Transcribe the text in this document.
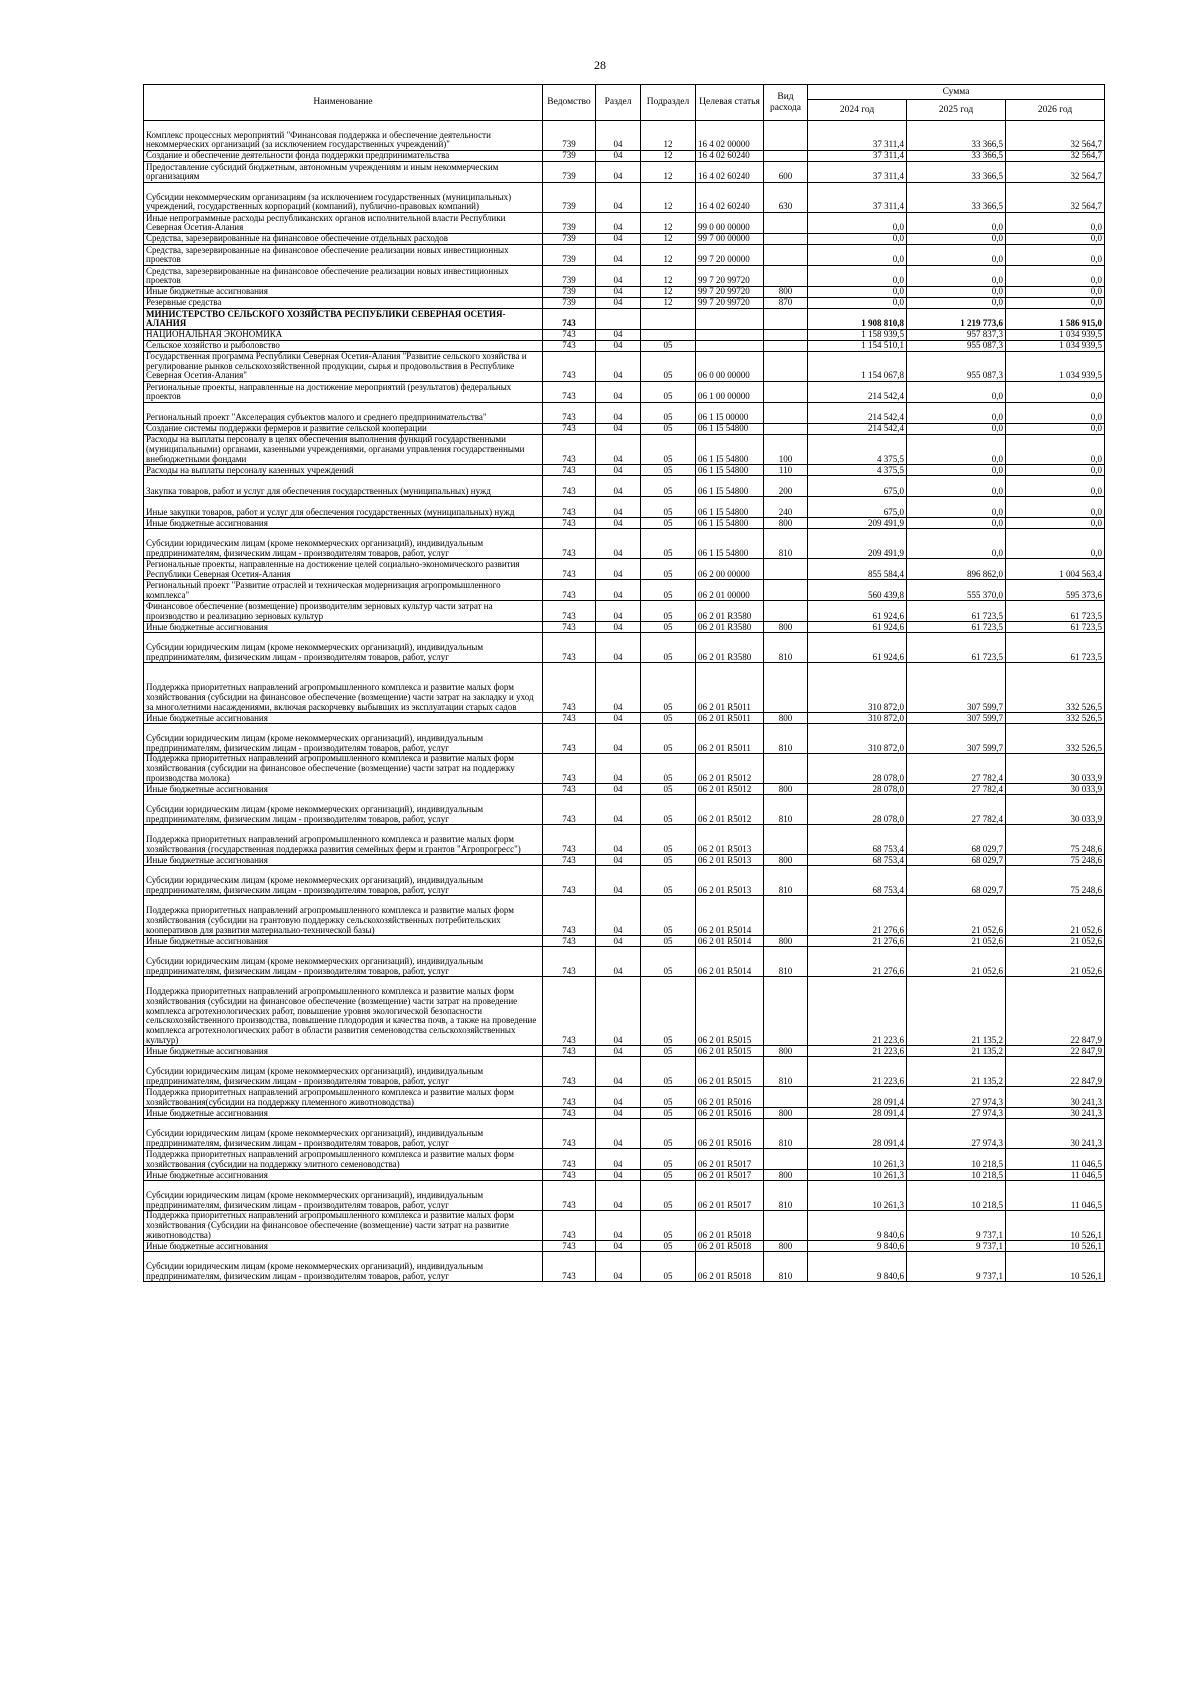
28
Наименование	Ведомство	Раздел	Подраздел	Целевая статья	Вид расхода	Сумма		
						2024 год	2025 год	2026 год
Комплекс процессных мероприятий "Финансовая поддержка и обеспечение деятельности некоммерческих организаций (за исключением государственных учреждений)"	739	04	12	16 4 02 00000		37 311,4	33 366,5	32 564,7
Создание и обеспечение деятельности фонда поддержки предпринимательства	739	04	12	16 4 02 60240		37 311,4	33 366,5	32 564,7
Предоставление субсидий бюджетным, автономным учреждениям и иным некоммерческим организациям	739	04	12	16 4 02 60240	600	37 311,4	33 366,5	32 564,7
Субсидии некоммерческим организациям (за исключением государственных (муниципальных) учреждений, государственных корпораций (компаний), публично-правовых компаний)	739	04	12	16 4 02 60240	630	37 311,4	33 366,5	32 564,7
Иные непрограммные расходы республиканских органов исполнительной власти Республики Северная Осетия-Алания	739	04	12	99 0 00 00000		0,0	0,0	0,0
Средства, зарезервированные на финансовое обеспечение отдельных расходов	739	04	12	99 7 00 00000		0,0	0,0	0,0
Средства, зарезервированные на финансовое обеспечение реализации новых инвестиционных проектов	739	04	12	99 7 20 00000		0,0	0,0	0,0
Средства, зарезервированные на финансовое обеспечение реализации новых инвестиционных проектов	739	04	12	99 7 20 99720		0,0	0,0	0,0
Иные бюджетные ассигнования	739	04	12	99 7 20 99720	800	0,0	0,0	0,0
Резервные средства	739	04	12	99 7 20 99720	870	0,0	0,0	0,0
МИНИСТЕРСТВО СЕЛЬСКОГО ХОЗЯЙСТВА РЕСПУБЛИКИ СЕВЕРНАЯ ОСЕТИЯ-АЛАНИЯ	743					1 908 810,8	1 219 773,6	1 586 915,0
НАЦИОНАЛЬНАЯ ЭКОНОМИКА	743	04				1 158 939,5	957 837,3	1 034 939,5
Сельское хозяйство и рыболовство	743	04	05			1 154 510,1	955 087,3	1 034 939,5
Государственная программа Республики Северная Осетия-Алания "Развитие сельского хозяйства и регулирование рынков сельскохозяйственной продукции, сырья и продовольствия в Республике Северная Осетия-Алания"	743	04	05	06 0 00 00000		1 154 067,8	955 087,3	1 034 939,5
Региональные проекты, направленные на достижение мероприятий (результатов) федеральных проектов	743	04	05	06 1 00 00000		214 542,4	0,0	0,0
Региональный проект "Акселерация субъектов малого и среднего предпринимательства"	743	04	05	06 1 I5 00000		214 542,4	0,0	0,0
Создание системы поддержки фермеров и развитие сельской кооперации	743	04	05	06 1 I5 54800		214 542,4	0,0	0,0
Расходы на выплаты персоналу в целях обеспечения выполнения функций государственными (муниципальными) органами, казенными учреждениями, органами управления государственными внебюджетными фондами	743	04	05	06 1 I5 54800	100	4 375,5	0,0	0,0
Расходы на выплаты персоналу казенных учреждений	743	04	05	06 1 I5 54800	110	4 375,5	0,0	0,0
Закупка товаров, работ и услуг для обеспечения государственных (муниципальных) нужд	743	04	05	06 1 I5 54800	200	675,0	0,0	0,0
Иные закупки товаров, работ и услуг для обеспечения государственных (муниципальных) нужд	743	04	05	06 1 I5 54800	240	675,0	0,0	0,0
Иные бюджетные ассигнования	743	04	05	06 1 I5 54800	800	209 491,9	0,0	0,0
Субсидии юридическим лицам (кроме некоммерческих организаций), индивидуальным предпринимателям, физическим лицам - производителям товаров, работ, услуг	743	04	05	06 1 I5 54800	810	209 491,9	0,0	0,0
Региональные проекты, направленные на достижение целей социально-экономического развития Республики Северная Осетия-Алания	743	04	05	06 2 00 00000		855 584,4	896 862,0	1 004 563,4
Региональный проект "Развитие отраслей и техническая модернизация агропромышленного комплекса"	743	04	05	06 2 01 00000		560 439,8	555 370,0	595 373,6
Финансовое обеспечение (возмещение) производителям зерновых культур части затрат на производство и реализацию зерновых культур	743	04	05	06 2 01 R3580		61 924,6	61 723,5	61 723,5
Иные бюджетные ассигнования	743	04	05	06 2 01 R3580	800	61 924,6	61 723,5	61 723,5
Субсидии юридическим лицам (кроме некоммерческих организаций), индивидуальным предпринимателям, физическим лицам - производителям товаров, работ, услуг	743	04	05	06 2 01 R3580	810	61 924,6	61 723,5	61 723,5
Поддержка приоритетных направлений агропромышленного комплекса и развитие малых форм хозяйствования (субсидии на финансовое обеспечение (возмещение) части затрат на закладку и уход за многолетними насаждениями, включая раскорчевку выбывших из эксплуатации старых садов	743	04	05	06 2 01 R5011		310 872,0	307 599,7	332 526,5
Иные бюджетные ассигнования	743	04	05	06 2 01 R5011	800	310 872,0	307 599,7	332 526,5
Субсидии юридическим лицам (кроме некоммерческих организаций), индивидуальным предпринимателям, физическим лицам - производителям товаров, работ, услуг	743	04	05	06 2 01 R5011	810	310 872,0	307 599,7	332 526,5
Поддержка приоритетных направлений агропромышленного комплекса и развитие малых форм хозяйствования (субсидии на финансовое обеспечение (возмещение) части затрат на поддержку производства молока)	743	04	05	06 2 01 R5012		28 078,0	27 782,4	30 033,9
Иные бюджетные ассигнования	743	04	05	06 2 01 R5012	800	28 078,0	27 782,4	30 033,9
Субсидии юридическим лицам (кроме некоммерческих организаций), индивидуальным предпринимателям, физическим лицам - производителям товаров, работ, услуг	743	04	05	06 2 01 R5012	810	28 078,0	27 782,4	30 033,9
Поддержка приоритетных направлений агропромышленного комплекса и развитие малых форм хозяйствования (государственная поддержка развития семейных ферм и грантов "Агропрогресс")	743	04	05	06 2 01 R5013		68 753,4	68 029,7	75 248,6
Иные бюджетные ассигнования	743	04	05	06 2 01 R5013	800	68 753,4	68 029,7	75 248,6
Субсидии юридическим лицам (кроме некоммерческих организаций), индивидуальным предпринимателям, физическим лицам - производителям товаров, работ, услуг	743	04	05	06 2 01 R5013	810	68 753,4	68 029,7	75 248,6
Поддержка приоритетных направлений агропромышленного комплекса и развитие малых форм хозяйствования (субсидии на грантовую поддержку сельскохозяйственных потребительских кооперативов для развития материально-технической базы)	743	04	05	06 2 01 R5014		21 276,6	21 052,6	21 052,6
Иные бюджетные ассигнования	743	04	05	06 2 01 R5014	800	21 276,6	21 052,6	21 052,6
Субсидии юридическим лицам (кроме некоммерческих организаций), индивидуальным предпринимателям, физическим лицам - производителям товаров, работ, услуг	743	04	05	06 2 01 R5014	810	21 276,6	21 052,6	21 052,6
Поддержка приоритетных направлений агропромышленного комплекса и развитие малых форм хозяйствования (субсидии на финансовое обеспечение (возмещение) части затрат на проведение комплекса агротехнологических работ, повышение уровня экологической безопасности сельскохозяйственного производства, повышение плодородия и качества почв, а также на проведение комплекса агротехнологических работ в области развития семеноводства сельскохозяйственных культур)	743	04	05	06 2 01 R5015		21 223,6	21 135,2	22 847,9
Иные бюджетные ассигнования	743	04	05	06 2 01 R5015	800	21 223,6	21 135,2	22 847,9
Субсидии юридическим лицам (кроме некоммерческих организаций), индивидуальным предпринимателям, физическим лицам - производителям товаров, работ, услуг	743	04	05	06 2 01 R5015	810	21 223,6	21 135,2	22 847,9
Поддержка приоритетных направлений агропромышленного комплекса и развитие малых форм хозяйствования(субсидии на поддержку племенного животноводства)	743	04	05	06 2 01 R5016		28 091,4	27 974,3	30 241,3
Иные бюджетные ассигнования	743	04	05	06 2 01 R5016	800	28 091,4	27 974,3	30 241,3
Субсидии юридическим лицам (кроме некоммерческих организаций), индивидуальным предпринимателям, физическим лицам - производителям товаров, работ, услуг	743	04	05	06 2 01 R5016	810	28 091,4	27 974,3	30 241,3
Поддержка приоритетных направлений агропромышленного комплекса и развитие малых форм хозяйствования (субсидии на поддержку элитного семеноводства)	743	04	05	06 2 01 R5017		10 261,3	10 218,5	11 046,5
Иные бюджетные ассигнования	743	04	05	06 2 01 R5017	800	10 261,3	10 218,5	11 046,5
Субсидии юридическим лицам (кроме некоммерческих организаций), индивидуальным предпринимателям, физическим лицам - производителям товаров, работ, услуг	743	04	05	06 2 01 R5017	810	10 261,3	10 218,5	11 046,5
Поддержка приоритетных направлений агропромышленного комплекса и развитие малых форм хозяйствования (Субсидии на финансовое обеспечение (возмещение) части затрат на развитие животноводства)	743	04	05	06 2 01 R5018		9 840,6	9 737,1	10 526,1
Иные бюджетные ассигнования	743	04	05	06 2 01 R5018	800	9 840,6	9 737,1	10 526,1
Субсидии юридическим лицам (кроме некоммерческих организаций), индивидуальным предпринимателям, физическим лицам - производителям товаров, работ, услуг	743	04	05	06 2 01 R5018	810	9 840,6	9 737,1	10 526,1
